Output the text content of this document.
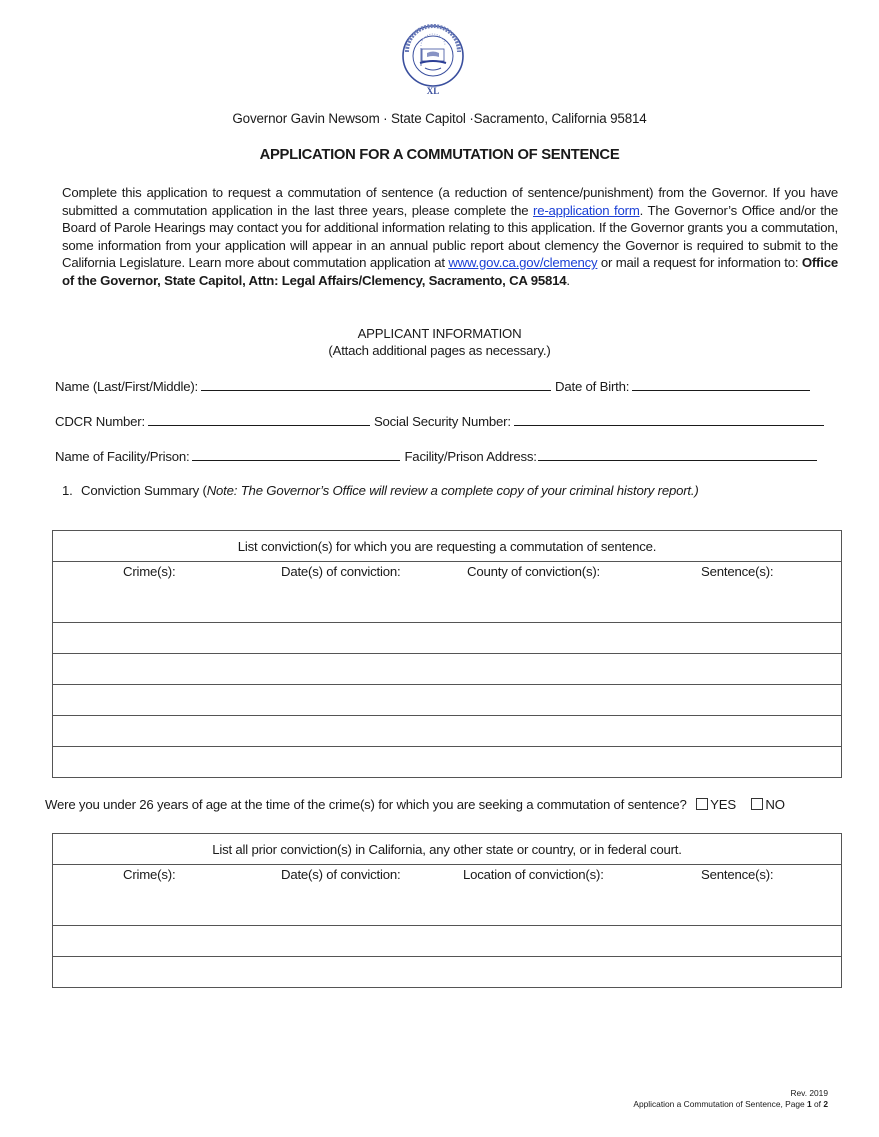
XL
Governor Gavin Newsom · State Capitol ·Sacramento, California 95814
APPLICATION FOR A COMMUTATION OF SENTENCE
Complete this application to request a commutation of sentence (a reduction of sentence/punishment) from the Governor. If you have submitted a commutation application in the last three years, please complete the re-application form. The Governor’s Office and/or the Board of Parole Hearings may contact you for additional information relating to this application. If the Governor grants you a commutation, some information from your application will appear in an annual public report about clemency the Governor is required to submit to the California Legislature. Learn more about commutation application at www.gov.ca.gov/clemency or mail a request for information to: Office of the Governor, State Capitol, Attn: Legal Affairs/Clemency, Sacramento, CA 95814.
APPLICANT INFORMATION
(Attach additional pages as necessary.)
Name (Last/First/Middle):	Date of Birth:
CDCR Number:	Social Security Number:
Name of Facility/Prison:	Facility/Prison Address:
1. Conviction Summary (Note: The Governor’s Office will review a complete copy of your criminal history report.)
List conviction(s) for which you are requesting a commutation of sentence.

Crime(s):	Date(s) of conviction:	County of conviction(s):	Sentence(s):

Were you under 26 years of age at the time of the crime(s) for which you are seeking a commutation of sentence? YES NO
List all prior conviction(s) in California, any other state or country, or in federal court.

Crime(s):	Date(s) of conviction:	Location of conviction(s):	Sentence(s):

Rev. 2019
Application a Commutation of Sentence, Page 1 of 2
